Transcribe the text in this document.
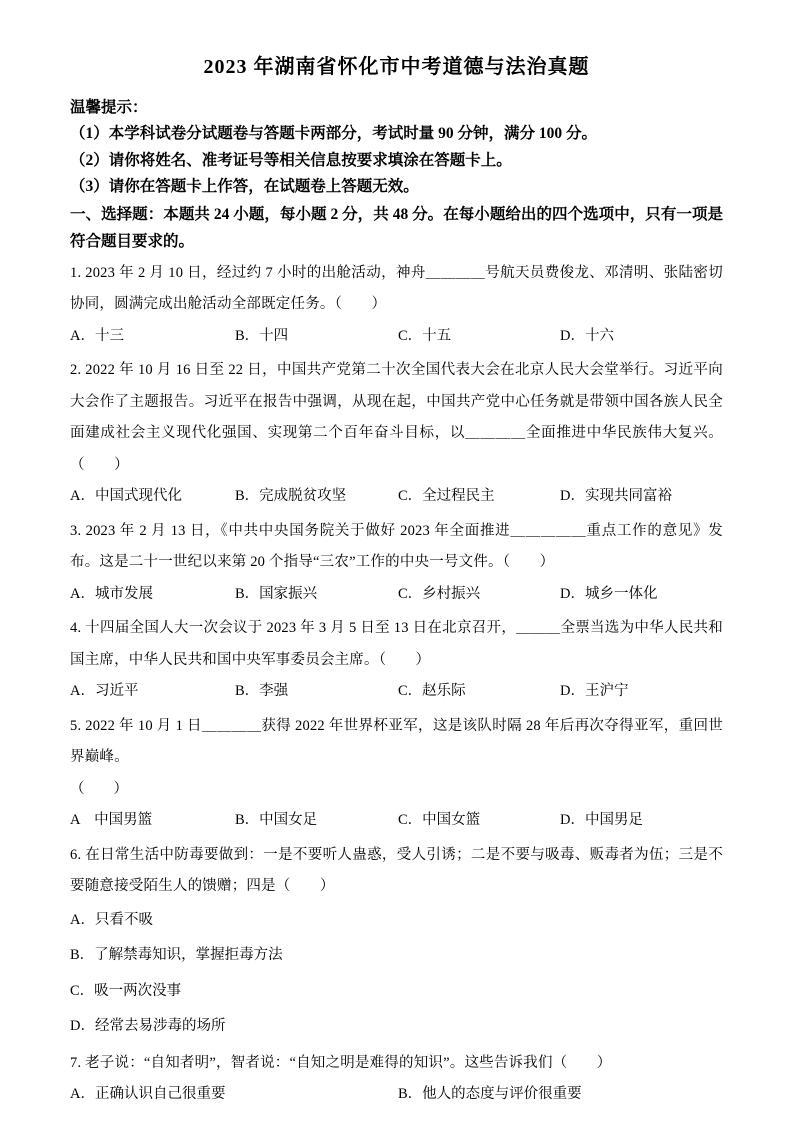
2023 年湖南省怀化市中考道德与法治真题
温馨提示：
（1）本学科试卷分试题卷与答题卡两部分，考试时量 90 分钟，满分 100 分。
（2）请你将姓名、准考证号等相关信息按要求填涂在答题卡上。
（3）请你在答题卡上作答，在试题卷上答题无效。
一、选择题：本题共 24 小题，每小题 2 分，共 48 分。在每小题给出的四个选项中，只有一项是符合题目要求的。

1. 2023 年 2 月 10 日，经过约 7 小时的出舱活动，神舟＿＿＿＿号航天员费俊龙、邓清明、张陆密切协同，圆满完成出舱活动全部既定任务。（　　）

A．十三	B．十四	C．十五	D．十六

2. 2022 年 10 月 16 日至 22 日，中国共产党第二十次全国代表大会在北京人民大会堂举行。习近平向大会作了主题报告。习近平在报告中强调，从现在起，中国共产党中心任务就是带领中国各族人民全面建成社会主义现代化强国、实现第二个百年奋斗目标，以＿＿＿＿全面推进中华民族伟大复兴。（　　）

A．中国式现代化	B．完成脱贫攻坚	C．全过程民主	D．实现共同富裕

3. 2023 年 2 月 13 日，《中共中央国务院关于做好 2023 年全面推进＿＿＿＿＿重点工作的意见》发布。这是二十一世纪以来第 20 个指导“三农”工作的中央一号文件。（　　）

A．城市发展	B．国家振兴	C．乡村振兴	D．城乡一体化

4. 十四届全国人大一次会议于 2023 年 3 月 5 日至 13 日在北京召开，＿＿＿全票当选为中华人民共和国主席，中华人民共和国中央军事委员会主席。（　　）

A．习近平	B．李强	C．赵乐际	D．王沪宁

5. 2022 年 10 月 1 日＿＿＿＿获得 2022 年世界杯亚军，这是该队时隔 28 年后再次夺得亚军，重回世界巅峰。

（　　）

A　中国男篮	B．中国女足	C．中国女篮	D．中国男足

6. 在日常生活中防毒要做到：一是不要听人蛊惑，受人引诱；二是不要与吸毒、贩毒者为伍；三是不要随意接受陌生人的馈赠；四是（　　）

A．只看不吸
B．了解禁毒知识，掌握拒毒方法
C．吸一两次没事
D．经常去易涉毒的场所

7. 老子说：“自知者明”，智者说：“自知之明是难得的知识”。这些告诉我们（　　）

A．正确认识自己很重要	B．他人的态度与评价很重要
